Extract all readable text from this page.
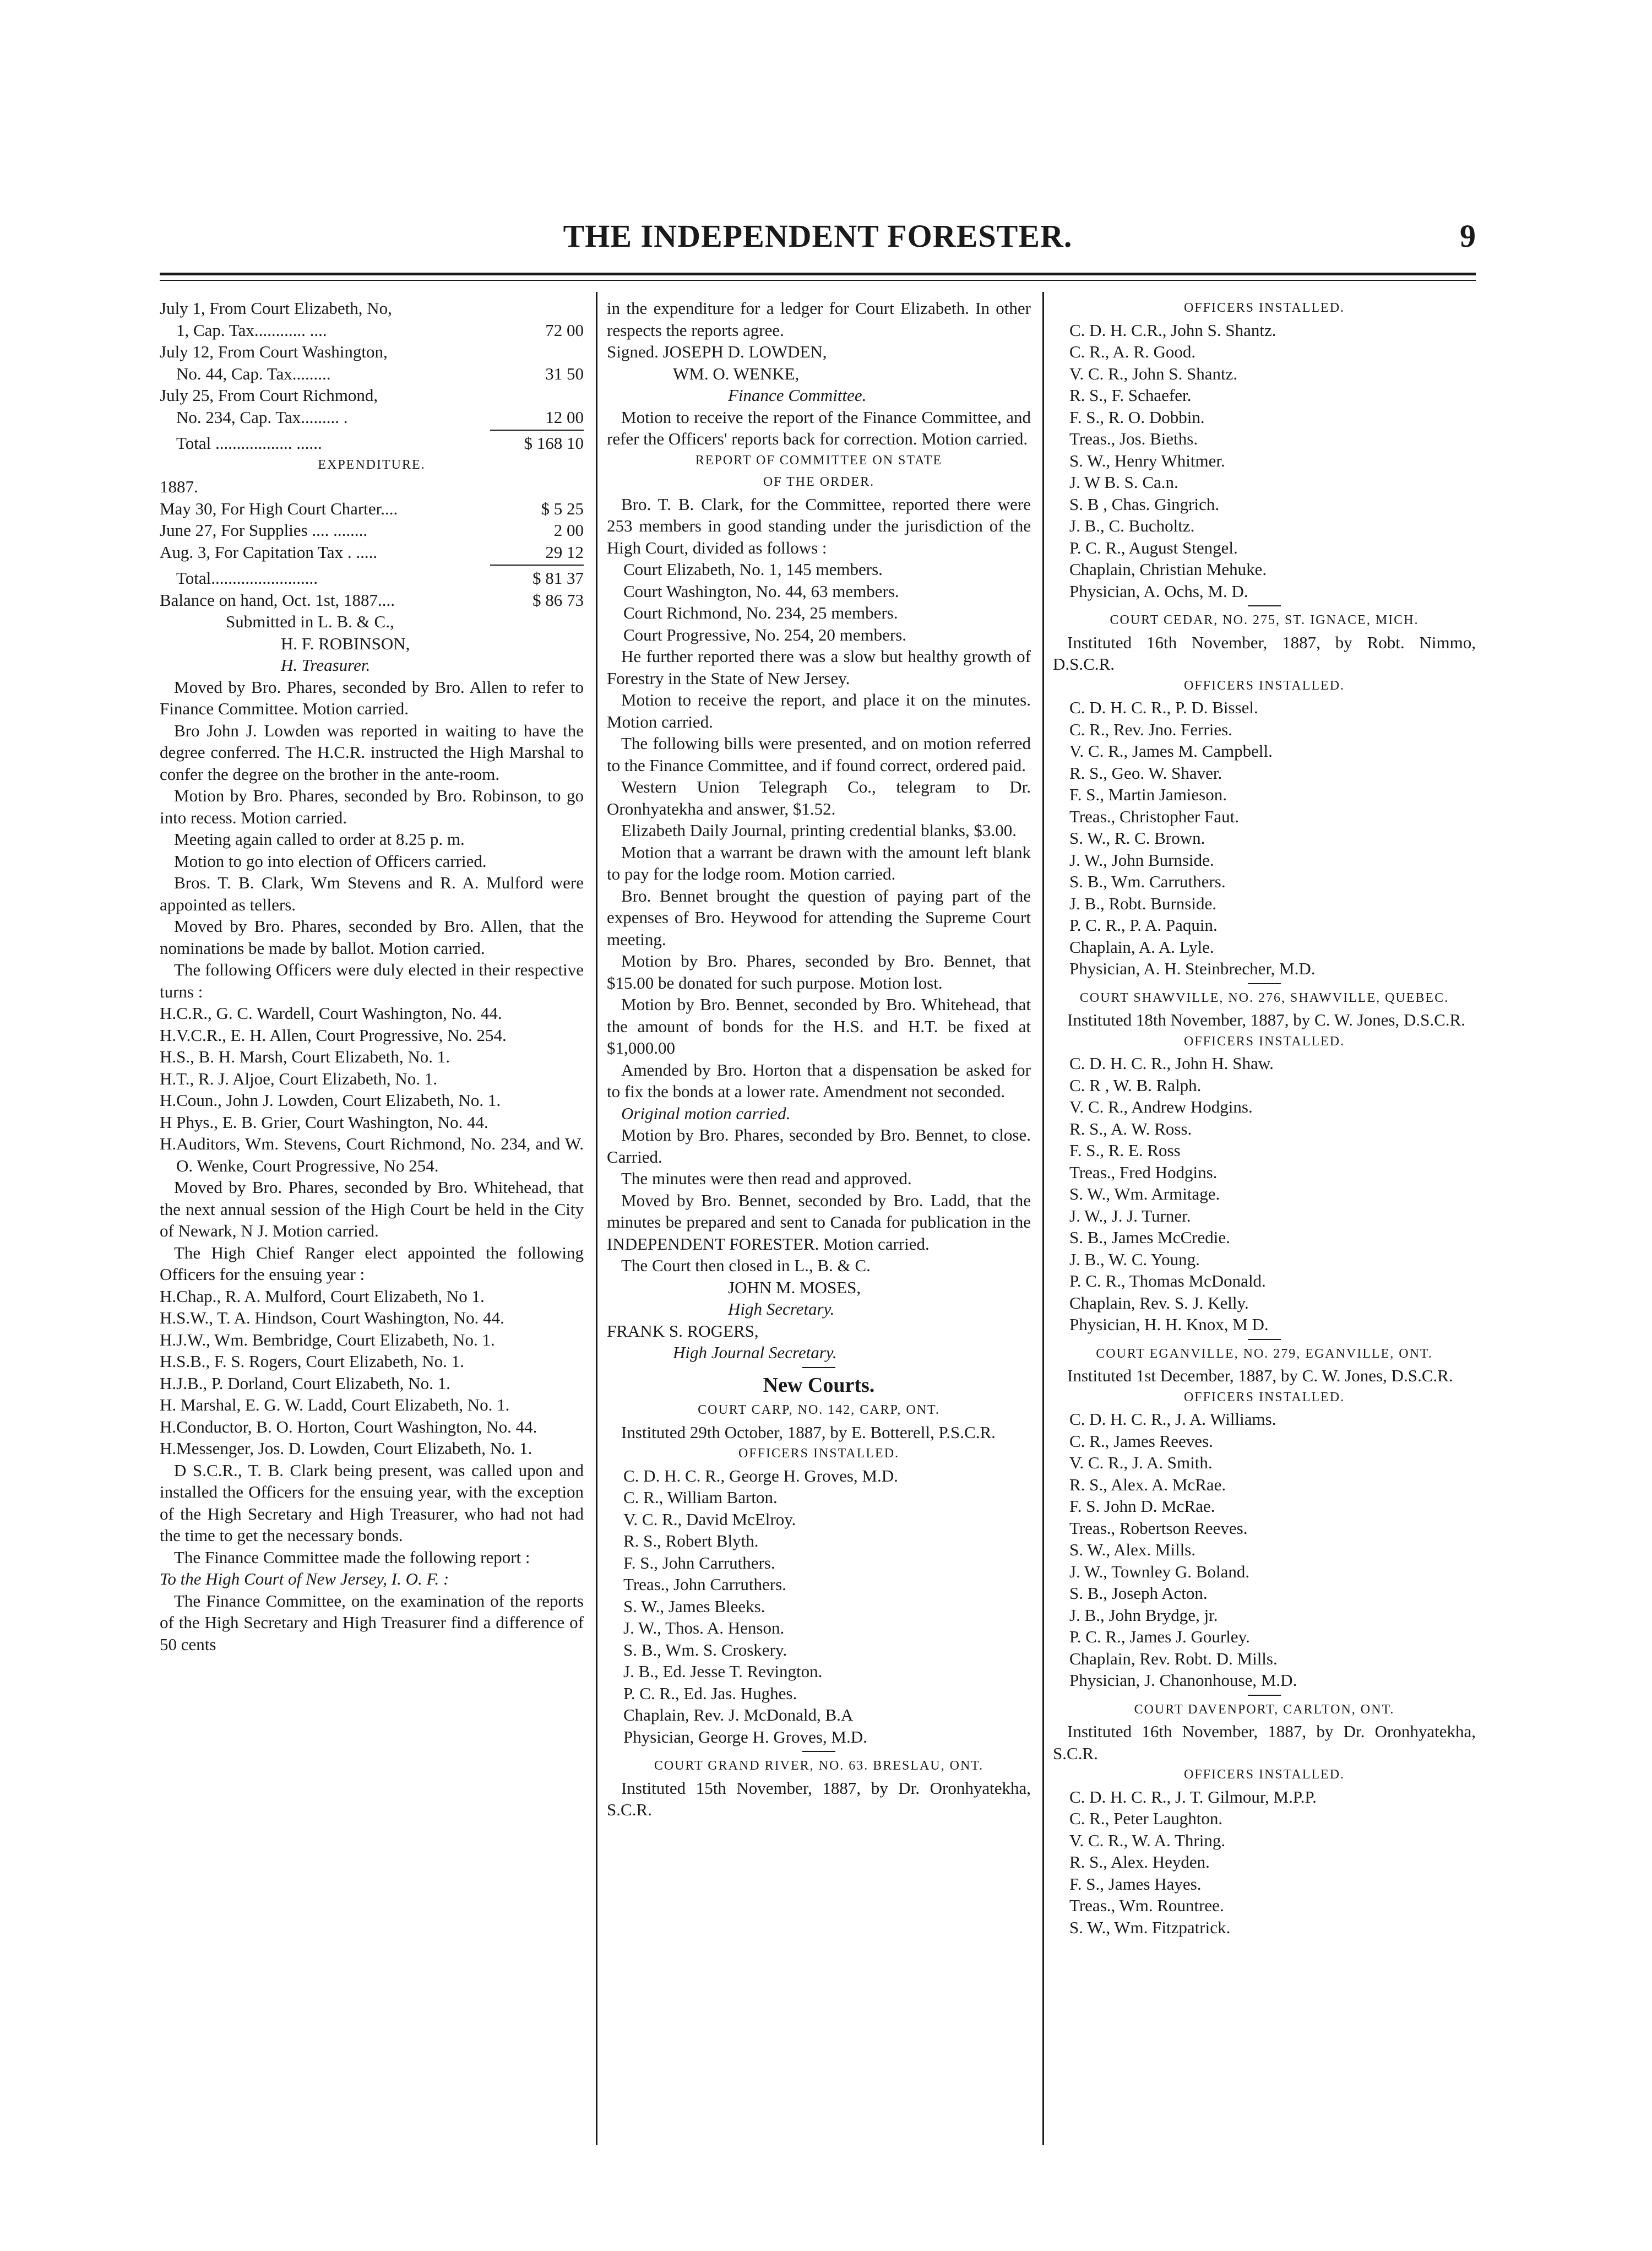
THE INDEPENDENT FORESTER.	9

July 1, From Court Elizabeth, No,

1, Cap. Tax............ ....	72 00

July 12, From Court Washington,

No. 44, Cap. Tax.........	31 50

July 25, From Court Richmond,

No. 234, Cap. Tax......... .	12 00

Total .................. ......	$ 168 10

EXPENDITURE.

1887.

May 30, For High Court Charter....	$ 5 25

June 27, For Supplies .... ........	2 00

Aug. 3, For Capitation Tax . .....	29 12

Total.........................	$ 81 37

Balance on hand, Oct. 1st, 1887....	$ 86 73

Submitted in L. B. & C.,

H. F. ROBINSON,

H. Treasurer.

Moved by Bro. Phares, seconded by Bro. Allen to refer to Finance Committee. Motion carried.

Bro John J. Lowden was reported in waiting to have the degree conferred. The H.C.R. instructed the High Marshal to confer the degree on the brother in the ante-room.

Motion by Bro. Phares, seconded by Bro. Robinson, to go into recess. Motion carried.

Meeting again called to order at 8.25 p. m.

Motion to go into election of Officers carried.

Bros. T. B. Clark, Wm Stevens and R. A. Mulford were appointed as tellers.

Moved by Bro. Phares, seconded by Bro. Allen, that the nominations be made by ballot. Motion carried.

The following Officers were duly elected in their respective turns :

H.C.R., G. C. Wardell, Court Washington, No. 44.

H.V.C.R., E. H. Allen, Court Progressive, No. 254.

H.S., B. H. Marsh, Court Elizabeth, No. 1.

H.T., R. J. Aljoe, Court Elizabeth, No. 1.

H.Coun., John J. Lowden, Court Elizabeth, No. 1.

H Phys., E. B. Grier, Court Washington, No. 44.

H.Auditors, Wm. Stevens, Court Richmond, No. 234, and W. O. Wenke, Court Progressive, No 254.

Moved by Bro. Phares, seconded by Bro. Whitehead, that the next annual session of the High Court be held in the City of Newark, N J. Motion carried.

The High Chief Ranger elect appointed the following Officers for the ensuing year :

H.Chap., R. A. Mulford, Court Elizabeth, No 1.

H.S.W., T. A. Hindson, Court Washington, No. 44.

H.J.W., Wm. Bembridge, Court Elizabeth, No. 1.

H.S.B., F. S. Rogers, Court Elizabeth, No. 1.

H.J.B., P. Dorland, Court Elizabeth, No. 1.

H. Marshal, E. G. W. Ladd, Court Elizabeth, No. 1.

H.Conductor, B. O. Horton, Court Washington, No. 44.

H.Messenger, Jos. D. Lowden, Court Elizabeth, No. 1.

D S.C.R., T. B. Clark being present, was called upon and installed the Officers for the ensuing year, with the exception of the High Secretary and High Treasurer, who had not had the time to get the necessary bonds.

The Finance Committee made the following report :

To the High Court of New Jersey, I. O. F. :

The Finance Committee, on the examination of the reports of the High Secretary and High Treasurer find a difference of 50 cents

in the expenditure for a ledger for Court Elizabeth. In other respects the reports agree.

Signed. JOSEPH D. LOWDEN,

WM. O. WENKE,

Finance Committee.

Motion to receive the report of the Finance Committee, and refer the Officers' reports back for correction. Motion carried.

REPORT OF COMMITTEE ON STATE

OF THE ORDER.

Bro. T. B. Clark, for the Committee, reported there were 253 members in good standing under the jurisdiction of the High Court, divided as follows :

Court Elizabeth, No. 1, 145 members.

Court Washington, No. 44, 63 members.

Court Richmond, No. 234, 25 members.

Court Progressive, No. 254, 20 members.

He further reported there was a slow but healthy growth of Forestry in the State of New Jersey.

Motion to receive the report, and place it on the minutes. Motion carried.

The following bills were presented, and on motion referred to the Finance Committee, and if found correct, ordered paid.

Western Union Telegraph Co., telegram to Dr. Oronhyatekha and answer, $1.52.

Elizabeth Daily Journal, printing credential blanks, $3.00.

Motion that a warrant be drawn with the amount left blank to pay for the lodge room. Motion carried.

Bro. Bennet brought the question of paying part of the expenses of Bro. Heywood for attending the Supreme Court meeting.

Motion by Bro. Phares, seconded by Bro. Bennet, that $15.00 be donated for such purpose. Motion lost.

Motion by Bro. Bennet, seconded by Bro. Whitehead, that the amount of bonds for the H.S. and H.T. be fixed at $1,000.00

Amended by Bro. Horton that a dispensation be asked for to fix the bonds at a lower rate. Amendment not seconded.

Original motion carried.

Motion by Bro. Phares, seconded by Bro. Bennet, to close. Carried.

The minutes were then read and approved.

Moved by Bro. Bennet, seconded by Bro. Ladd, that the minutes be prepared and sent to Canada for publication in the INDEPENDENT FORESTER. Motion carried.

The Court then closed in L., B. & C.

JOHN M. MOSES,

High Secretary.

FRANK S. ROGERS,

High Journal Secretary.

New Courts.

COURT CARP, NO. 142, CARP, ONT.

Instituted 29th October, 1887, by E. Botterell, P.S.C.R.

OFFICERS INSTALLED.

C. D. H. C. R., George H. Groves, M.D.

C. R., William Barton.

V. C. R., David McElroy.

R. S., Robert Blyth.

F. S., John Carruthers.

Treas., John Carruthers.

S. W., James Bleeks.

J. W., Thos. A. Henson.

S. B., Wm. S. Croskery.

J. B., Ed. Jesse T. Revington.

P. C. R., Ed. Jas. Hughes.

Chaplain, Rev. J. McDonald, B.A

Physician, George H. Groves, M.D.

COURT GRAND RIVER, NO. 63. BRESLAU, ONT.

Instituted 15th November, 1887, by Dr. Oronhyatekha, S.C.R.

OFFICERS INSTALLED.

C. D. H. C.R., John S. Shantz.

C. R., A. R. Good.

V. C. R., John S. Shantz.

R. S., F. Schaefer.

F. S., R. O. Dobbin.

Treas., Jos. Bieths.

S. W., Henry Whitmer.

J. W B. S. Ca.n.

S. B , Chas. Gingrich.

J. B., C. Bucholtz.

P. C. R., August Stengel.

Chaplain, Christian Mehuke.

Physician, A. Ochs, M. D.

COURT CEDAR, NO. 275, ST. IGNACE, MICH.

Instituted 16th November, 1887, by Robt. Nimmo, D.S.C.R.

OFFICERS INSTALLED.

C. D. H. C. R., P. D. Bissel.

C. R., Rev. Jno. Ferries.

V. C. R., James M. Campbell.

R. S., Geo. W. Shaver.

F. S., Martin Jamieson.

Treas., Christopher Faut.

S. W., R. C. Brown.

J. W., John Burnside.

S. B., Wm. Carruthers.

J. B., Robt. Burnside.

P. C. R., P. A. Paquin.

Chaplain, A. A. Lyle.

Physician, A. H. Steinbrecher, M.D.

COURT SHAWVILLE, NO. 276, SHAWVILLE, QUEBEC.

Instituted 18th November, 1887, by C. W. Jones, D.S.C.R.

OFFICERS INSTALLED.

C. D. H. C. R., John H. Shaw.

C. R , W. B. Ralph.

V. C. R., Andrew Hodgins.

R. S., A. W. Ross.

F. S., R. E. Ross

Treas., Fred Hodgins.

S. W., Wm. Armitage.

J. W., J. J. Turner.

S. B., James McCredie.

J. B., W. C. Young.

P. C. R., Thomas McDonald.

Chaplain, Rev. S. J. Kelly.

Physician, H. H. Knox, M D.

COURT EGANVILLE, NO. 279, EGANVILLE, ONT.

Instituted 1st December, 1887, by C. W. Jones, D.S.C.R.

OFFICERS INSTALLED.

C. D. H. C. R., J. A. Williams.

C. R., James Reeves.

V. C. R., J. A. Smith.

R. S., Alex. A. McRae.

F. S. John D. McRae.

Treas., Robertson Reeves.

S. W., Alex. Mills.

J. W., Townley G. Boland.

S. B., Joseph Acton.

J. B., John Brydge, jr.

P. C. R., James J. Gourley.

Chaplain, Rev. Robt. D. Mills.

Physician, J. Chanonhouse, M.D.

COURT DAVENPORT, CARLTON, ONT.

Instituted 16th November, 1887, by Dr. Oronhyatekha, S.C.R.

OFFICERS INSTALLED.

C. D. H. C. R., J. T. Gilmour, M.P.P.

C. R., Peter Laughton.

V. C. R., W. A. Thring.

R. S., Alex. Heyden.

F. S., James Hayes.

Treas., Wm. Rountree.

S. W., Wm. Fitzpatrick.
